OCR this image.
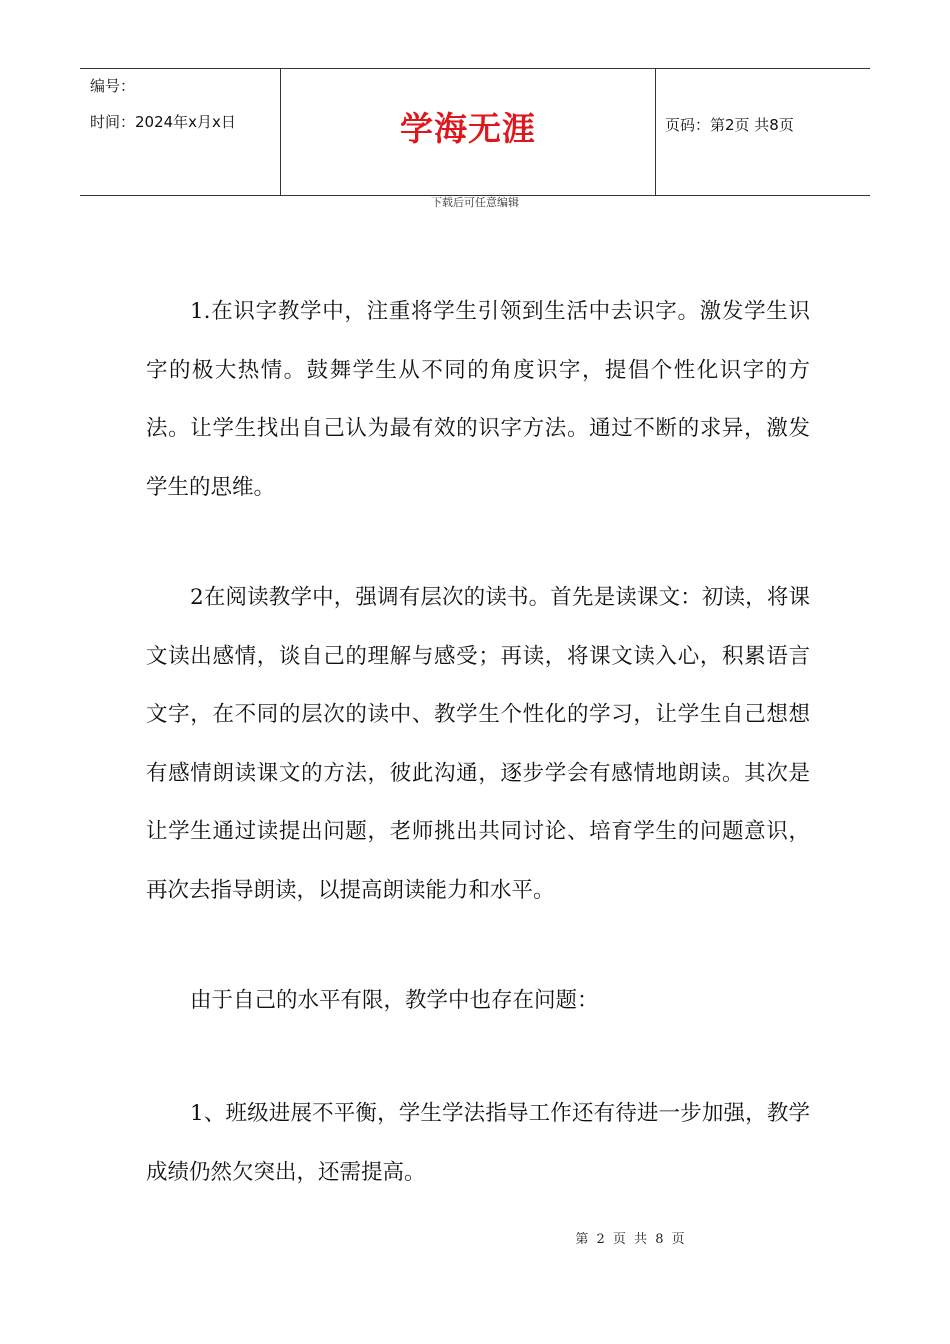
编号：
时间：2024年x月x日	学海无涯	页码：第2页 共8页
下载后可任意编辑
1.在识字教学中，注重将学生引领到生活中去识字。激发学生识字的极大热情。鼓舞学生从不同的角度识字，提倡个性化识字的方法。让学生找出自己认为最有效的识字方法。通过不断的求异，激发学生的思维。
2在阅读教学中，强调有层次的读书。首先是读课文：初读，将课文读出感情，谈自己的理解与感受；再读，将课文读入心，积累语言文字，在不同的层次的读中、教学生个性化的学习，让学生自己想想有感情朗读课文的方法，彼此沟通，逐步学会有感情地朗读。其次是让学生通过读提出问题，老师挑出共同讨论、培育学生的问题意识，再次去指导朗读，以提高朗读能力和水平。
由于自己的水平有限，教学中也存在问题：
1、班级进展不平衡，学生学法指导工作还有待进一步加强，教学成绩仍然欠突出，还需提高。
第 2 页 共 8 页
